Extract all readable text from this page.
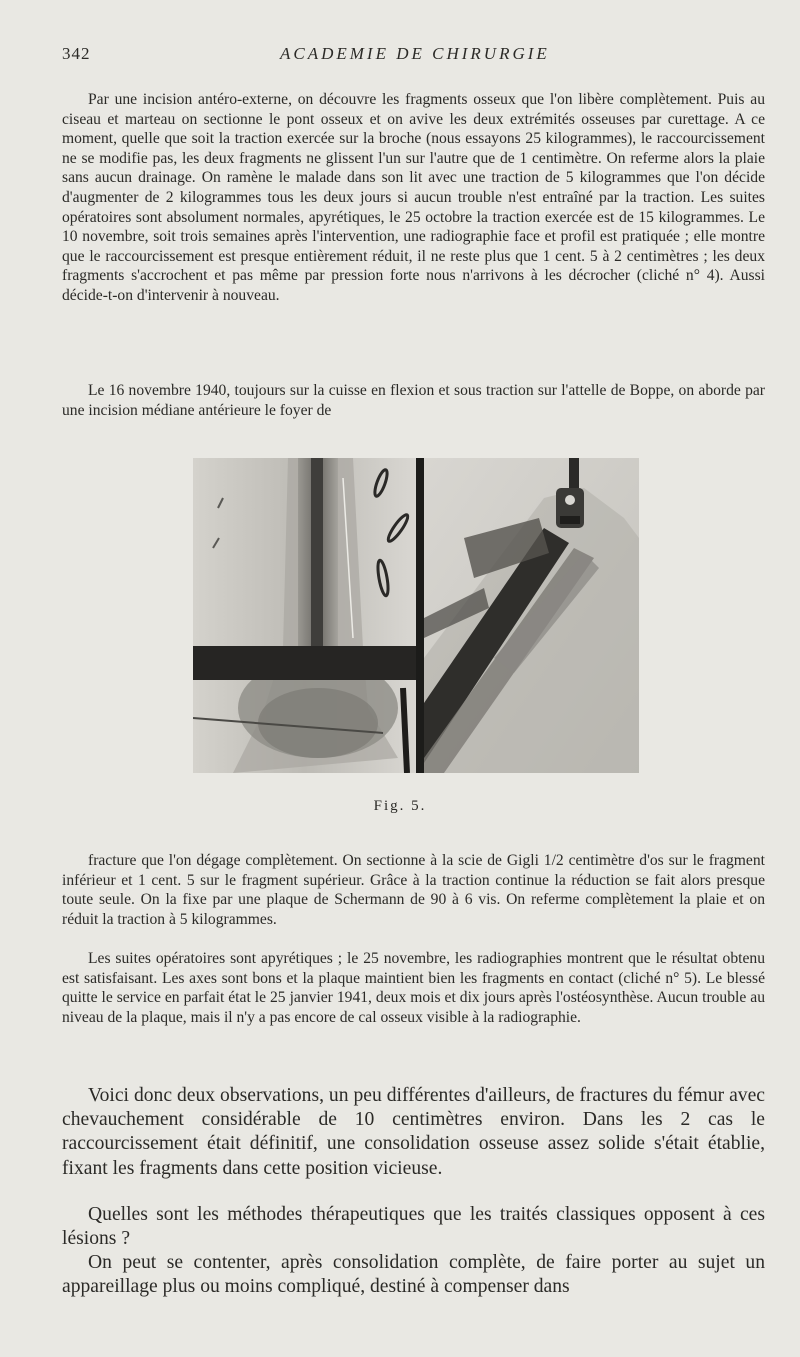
342	ACADEMIE DE CHIRURGIE

Par une incision antéro-externe, on découvre les fragments osseux que l'on libère complètement. Puis au ciseau et marteau on sectionne le pont osseux et on avive les deux extrémités osseuses par curettage. A ce moment, quelle que soit la traction exercée sur la broche (nous essayons 25 kilogrammes), le raccourcissement ne se modifie pas, les deux fragments ne glissent l'un sur l'autre que de 1 centimètre. On referme alors la plaie sans aucun drainage. On ramène le malade dans son lit avec une traction de 5 kilogrammes que l'on décide d'augmenter de 2 kilogrammes tous les deux jours si aucun trouble n'est entraîné par la traction. Les suites opératoires sont absolument normales, apyrétiques, le 25 octobre la traction exercée est de 15 kilogrammes. Le 10 novembre, soit trois semaines après l'intervention, une radiographie face et profil est pratiquée ; elle montre que le raccourcissement est presque entièrement réduit, il ne reste plus que 1 cent. 5 à 2 centimètres ; les deux fragments s'accrochent et pas même par pression forte nous n'arrivons à les décrocher (cliché n° 4). Aussi décide-t-on d'intervenir à nouveau.

Le 16 novembre 1940, toujours sur la cuisse en flexion et sous traction sur l'attelle de Boppe, on aborde par une incision médiane antérieure le foyer de

Fig. 5.

fracture que l'on dégage complètement. On sectionne à la scie de Gigli 1/2 centimètre d'os sur le fragment inférieur et 1 cent. 5 sur le fragment supérieur. Grâce à la traction continue la réduction se fait alors presque toute seule. On la fixe par une plaque de Schermann de 90 à 6 vis. On referme complètement la plaie et on réduit la traction à 5 kilogrammes.

Les suites opératoires sont apyrétiques ; le 25 novembre, les radiographies montrent que le résultat obtenu est satisfaisant. Les axes sont bons et la plaque maintient bien les fragments en contact (cliché n° 5). Le blessé quitte le service en parfait état le 25 janvier 1941, deux mois et dix jours après l'ostéosynthèse. Aucun trouble au niveau de la plaque, mais il n'y a pas encore de cal osseux visible à la radiographie.

Voici donc deux observations, un peu différentes d'ailleurs, de fractures du fémur avec chevauchement considérable de 10 centimètres environ. Dans les 2 cas le raccourcissement était définitif, une consolidation osseuse assez solide s'était établie, fixant les fragments dans cette position vicieuse.

Quelles sont les méthodes thérapeutiques que les traités classiques opposent à ces lésions ?

On peut se contenter, après consolidation complète, de faire porter au sujet un appareillage plus ou moins compliqué, destiné à compenser dans
